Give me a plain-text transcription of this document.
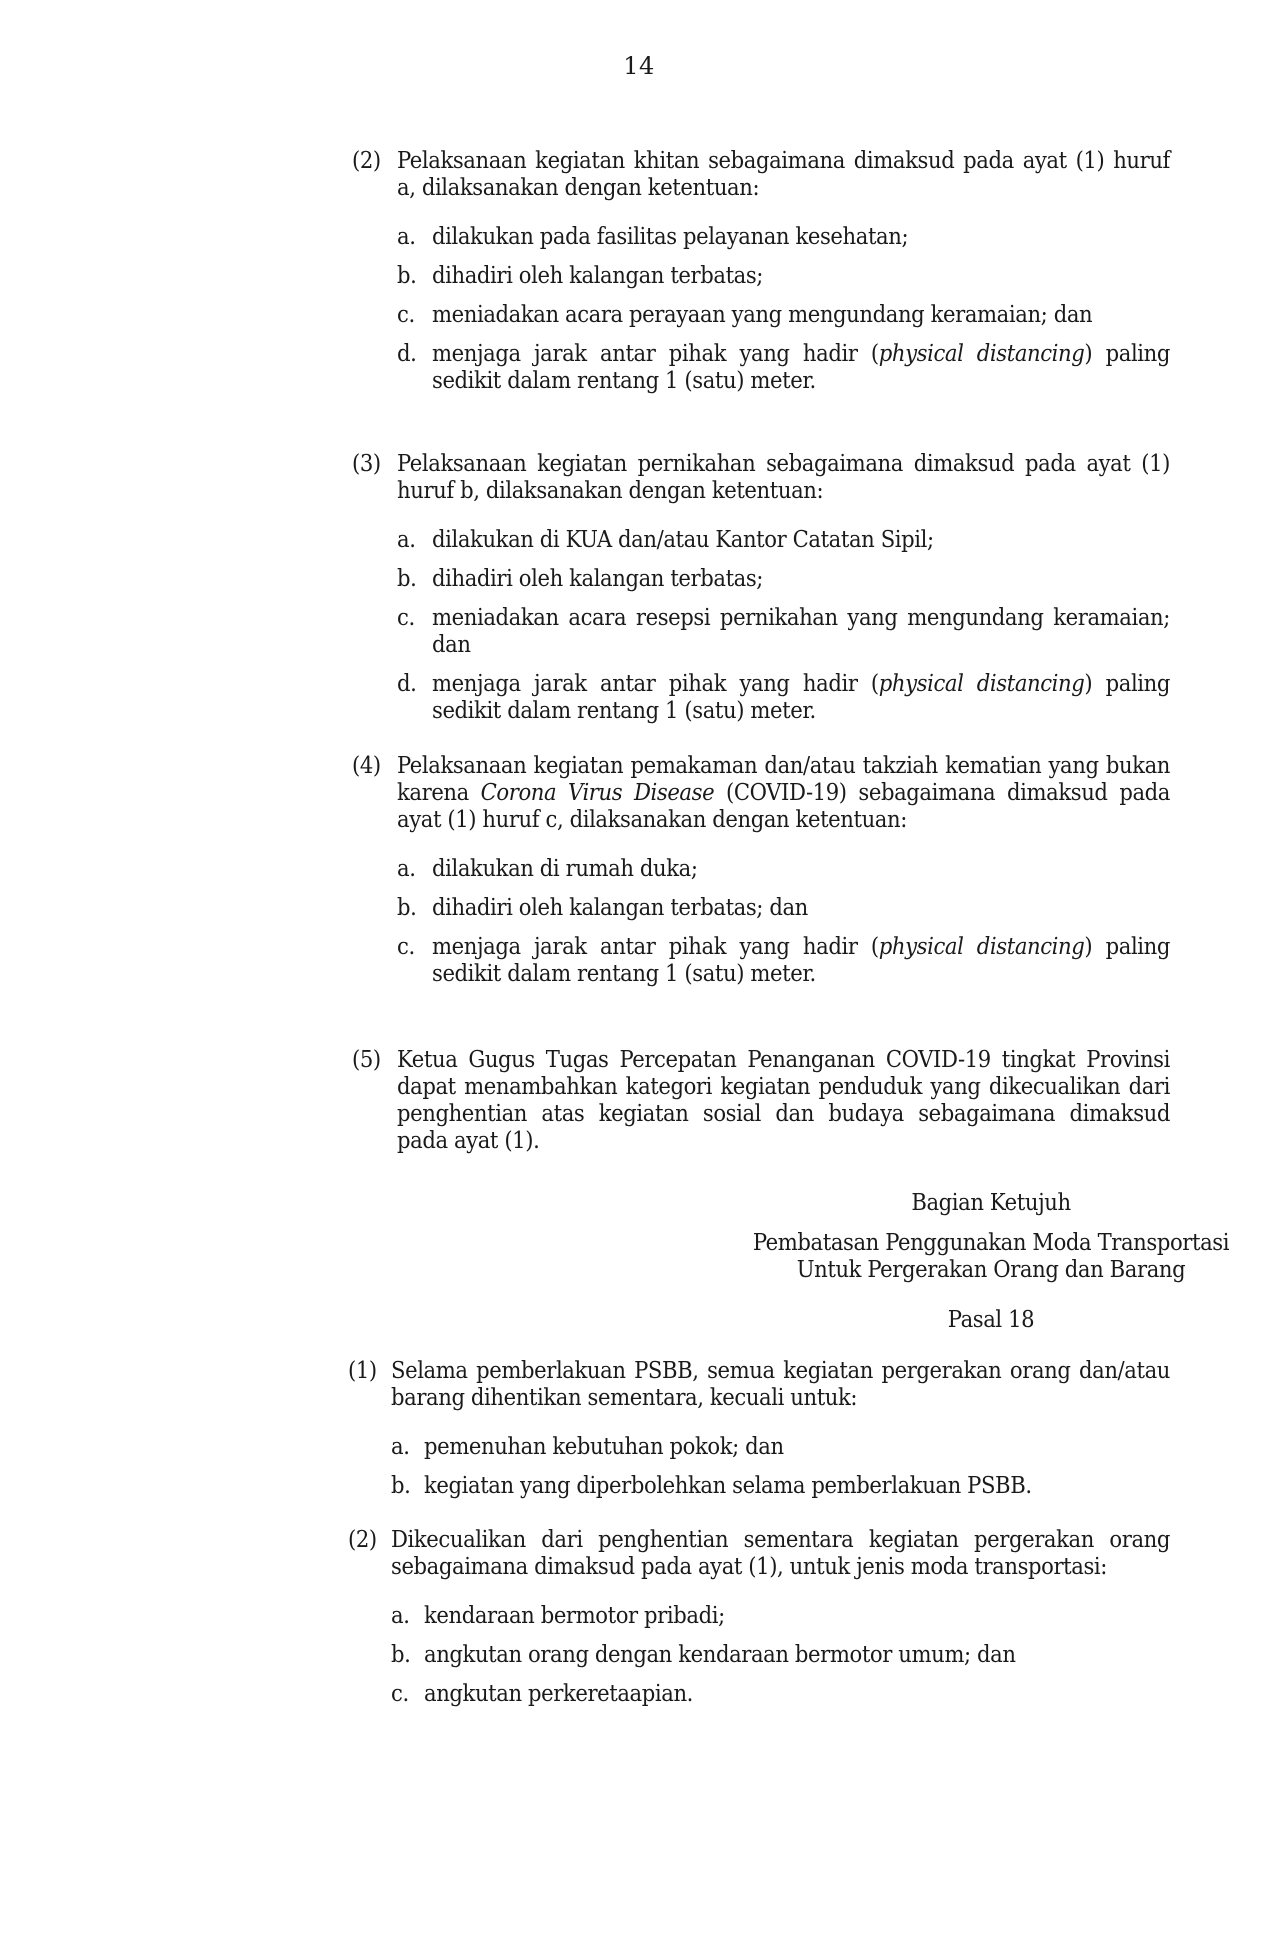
14
(2) Pelaksanaan kegiatan khitan sebagaimana dimaksud pada ayat (1) huruf a, dilaksanakan dengan ketentuan:
a. dilakukan pada fasilitas pelayanan kesehatan;
b. dihadiri oleh kalangan terbatas;
c. meniadakan acara perayaan yang mengundang keramaian; dan
d. menjaga jarak antar pihak yang hadir (physical distancing) paling sedikit dalam rentang 1 (satu) meter.
(3) Pelaksanaan kegiatan pernikahan sebagaimana dimaksud pada ayat (1) huruf b, dilaksanakan dengan ketentuan:
a. dilakukan di KUA dan/atau Kantor Catatan Sipil;
b. dihadiri oleh kalangan terbatas;
c. meniadakan acara resepsi pernikahan yang mengundang keramaian; dan
d. menjaga jarak antar pihak yang hadir (physical distancing) paling sedikit dalam rentang 1 (satu) meter.
(4) Pelaksanaan kegiatan pemakaman dan/atau takziah kematian yang bukan karena Corona Virus Disease (COVID-19) sebagaimana dimaksud pada ayat (1) huruf c, dilaksanakan dengan ketentuan:
a. dilakukan di rumah duka;
b. dihadiri oleh kalangan terbatas; dan
c. menjaga jarak antar pihak yang hadir (physical distancing) paling sedikit dalam rentang 1 (satu) meter.
(5) Ketua Gugus Tugas Percepatan Penanganan COVID-19 tingkat Provinsi dapat menambahkan kategori kegiatan penduduk yang dikecualikan dari penghentian atas kegiatan sosial dan budaya sebagaimana dimaksud pada ayat (1).
Bagian Ketujuh
Pembatasan Penggunakan Moda Transportasi
Untuk Pergerakan Orang dan Barang
Pasal 18
(1) Selama pemberlakuan PSBB, semua kegiatan pergerakan orang dan/atau barang dihentikan sementara, kecuali untuk:
a. pemenuhan kebutuhan pokok; dan
b. kegiatan yang diperbolehkan selama pemberlakuan PSBB.
(2) Dikecualikan dari penghentian sementara kegiatan pergerakan orang sebagaimana dimaksud pada ayat (1), untuk jenis moda transportasi:
a. kendaraan bermotor pribadi;
b. angkutan orang dengan kendaraan bermotor umum; dan
c. angkutan perkeretaapian.
